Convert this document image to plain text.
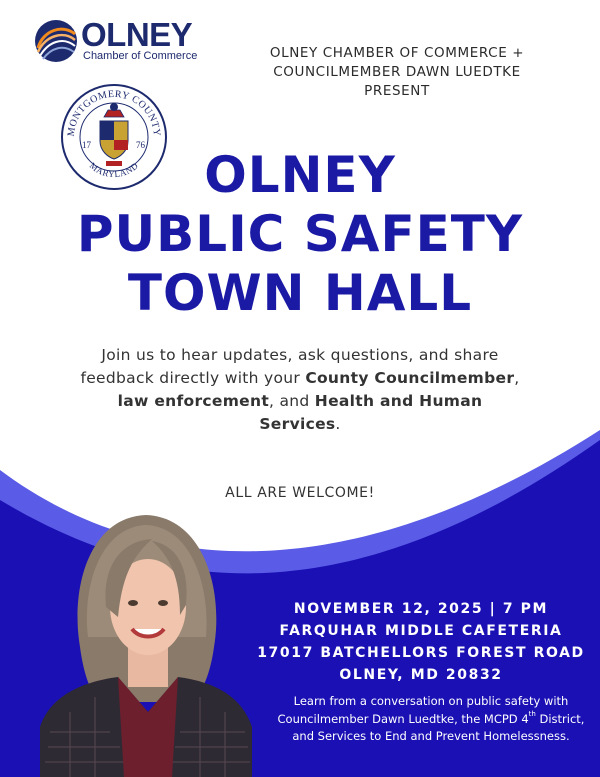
OLNEY
Chamber of Commerce	OLNEY CHAMBER OF COMMERCE +
COUNCILMEMBER DAWN LUEDTKE
PRESENT
MONTGOMERY COUNTY
MARYLAND
17	76
OLNEY
PUBLIC SAFETY
TOWN HALL
Join us to hear updates, ask questions, and share feedback directly with your County Councilmember, law enforcement, and Health and Human Services.
ALL ARE WELCOME!
NOVEMBER 12, 2025 | 7 PM
FARQUHAR MIDDLE CAFETERIA
17017 BATCHELLORS FOREST ROAD
OLNEY, MD 20832
Learn from a conversation on public safety with Councilmember Dawn Luedtke, the MCPD 4th District, and Services to End and Prevent Homelessness.
